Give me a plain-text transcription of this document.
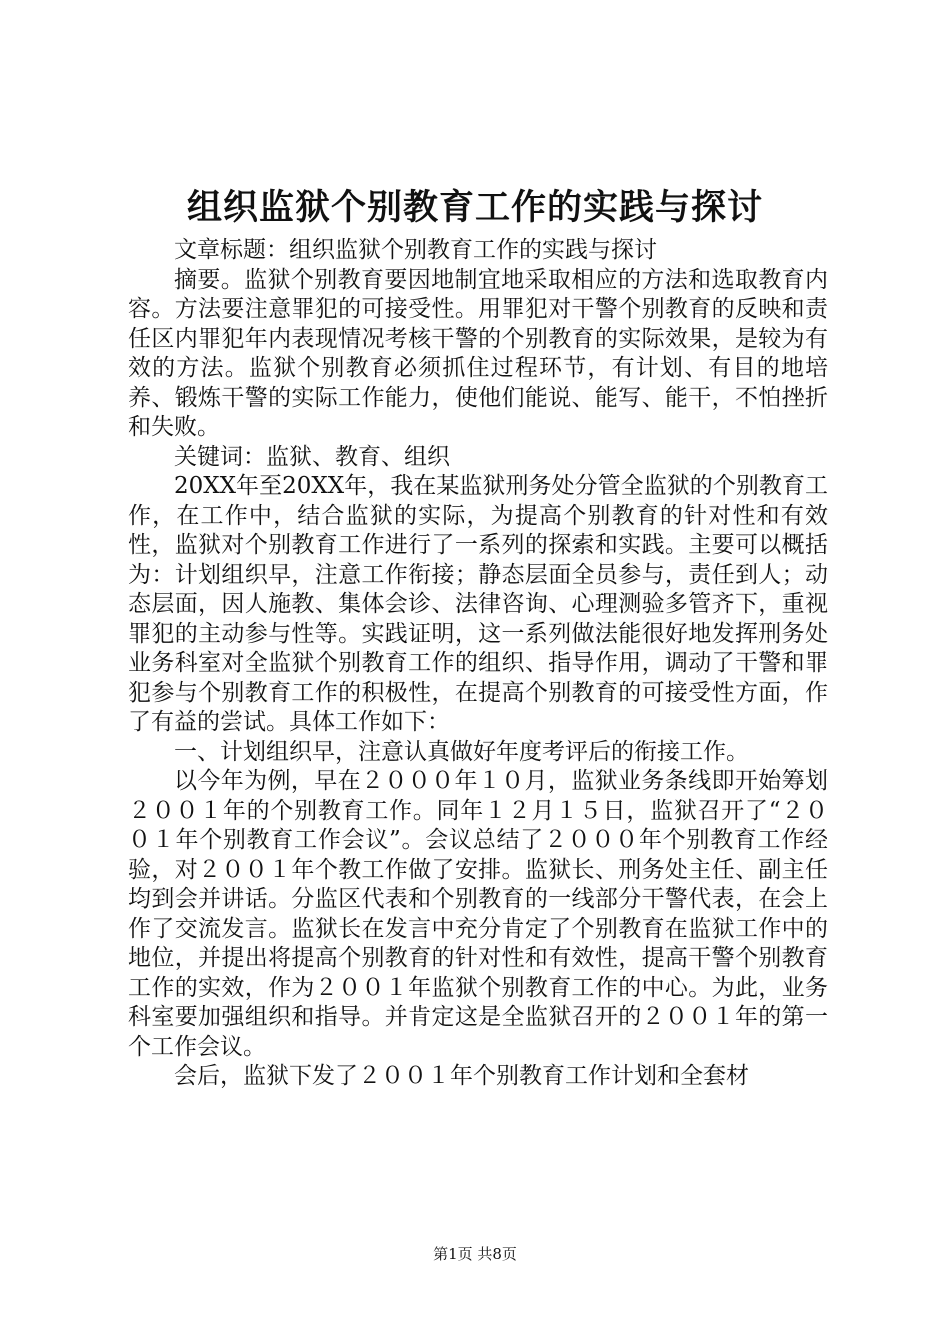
组织监狱个别教育工作的实践与探讨

文章标题：组织监狱个别教育工作的实践与探讨

摘要。监狱个别教育要因地制宜地采取相应的方法和选取教育内容。方法要注意罪犯的可接受性。用罪犯对干警个别教育的反映和责任区内罪犯年内表现情况考核干警的个别教育的实际效果，是较为有效的方法。监狱个别教育必须抓住过程环节，有计划、有目的地培养、锻炼干警的实际工作能力，使他们能说、能写、能干，不怕挫折和失败。

关键词：监狱、教育、组织

20XX年至20XX年，我在某监狱刑务处分管全监狱的个别教育工作，在工作中，结合监狱的实际，为提高个别教育的针对性和有效性，监狱对个别教育工作进行了一系列的探索和实践。主要可以概括为：计划组织早，注意工作衔接；静态层面全员参与，责任到人；动态层面，因人施教、集体会诊、法律咨询、心理测验多管齐下，重视罪犯的主动参与性等。实践证明，这一系列做法能很好地发挥刑务处业务科室对全监狱个别教育工作的组织、指导作用，调动了干警和罪犯参与个别教育工作的积极性，在提高个别教育的可接受性方面，作了有益的尝试。具体工作如下：

一、计划组织早，注意认真做好年度考评后的衔接工作。

以今年为例，早在２０００年１０月，监狱业务条线即开始筹划２００１年的个别教育工作。同年１２月１５日，监狱召开了“２００１年个别教育工作会议”。会议总结了２０００年个别教育工作经验，对２００１年个教工作做了安排。监狱长、刑务处主任、副主任均到会并讲话。分监区代表和个别教育的一线部分干警代表，在会上作了交流发言。监狱长在发言中充分肯定了个别教育在监狱工作中的地位，并提出将提高个别教育的针对性和有效性，提高干警个别教育工作的实效，作为２００１年监狱个别教育工作的中心。为此，业务科室要加强组织和指导。并肯定这是全监狱召开的２００１年的第一个工作会议。

会后，监狱下发了２００１年个别教育工作计划和全套材

第1页 共8页
